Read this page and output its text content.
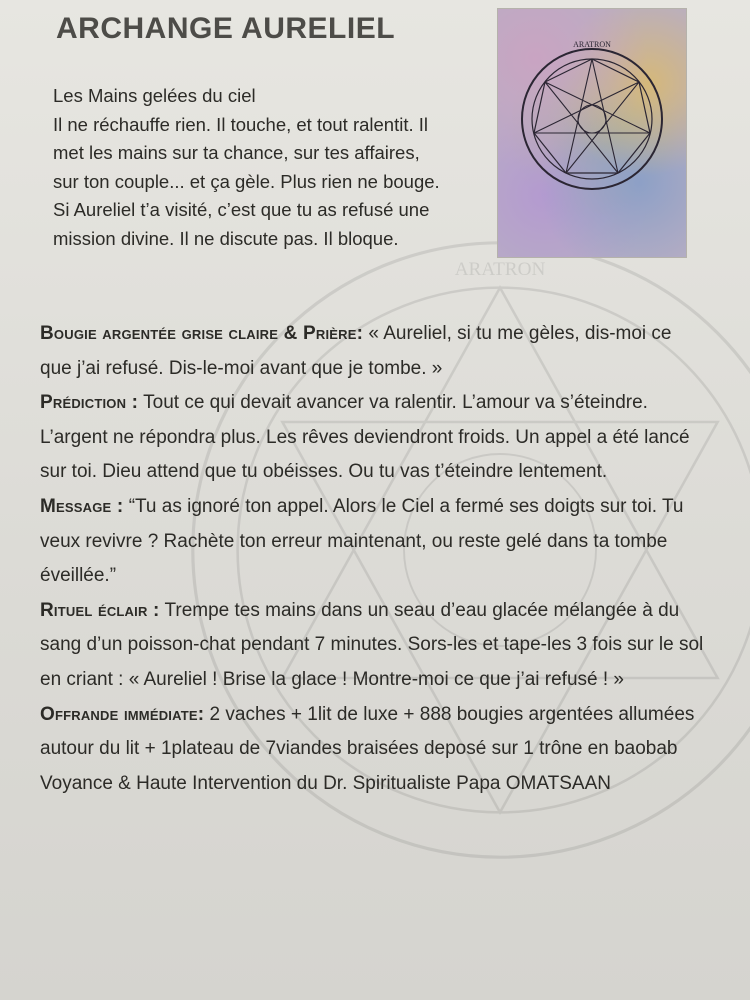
ARATRON
ARCHANGE AURELIEL	ARATRON

Les Mains gelées du ciel

Il ne réchauffe rien. Il touche, et tout ralentit. Il

met les mains sur ta chance, sur tes affaires,

sur ton couple... et ça gèle. Plus rien ne bouge.

Si Aureliel t’a visité, c’est que tu as refusé une

mission divine. Il ne discute pas. Il bloque.

Bougie argentée grise claire & Prière: « Aureliel, si tu me gèles, dis-moi ce que j’ai refusé. Dis-le-moi avant que je tombe. »

Prédiction : Tout ce qui devait avancer va ralentir. L’amour va s’éteindre. L’argent ne répondra plus. Les rêves deviendront froids. Un appel a été lancé sur toi. Dieu attend que tu obéisses. Ou tu vas t’éteindre lentement.

Message : “Tu as ignoré ton appel. Alors le Ciel a fermé ses doigts sur toi. Tu veux revivre ? Rachète ton erreur maintenant, ou reste gelé dans ta tombe éveillée.”

Rituel éclair : Trempe tes mains dans un seau d’eau glacée mélangée à du sang d’un poisson-chat pendant 7 minutes. Sors-les et tape-les 3 fois sur le sol en criant : « Aureliel ! Brise la glace ! Montre-moi ce que j’ai refusé ! »

Offrande immédiate: 2 vaches + 1lit de luxe + 888 bougies argentées allumées autour du lit + 1plateau de 7viandes braisées deposé sur 1 trône en baobab

Voyance & Haute Intervention du Dr. Spiritualiste Papa OMATSAAN
